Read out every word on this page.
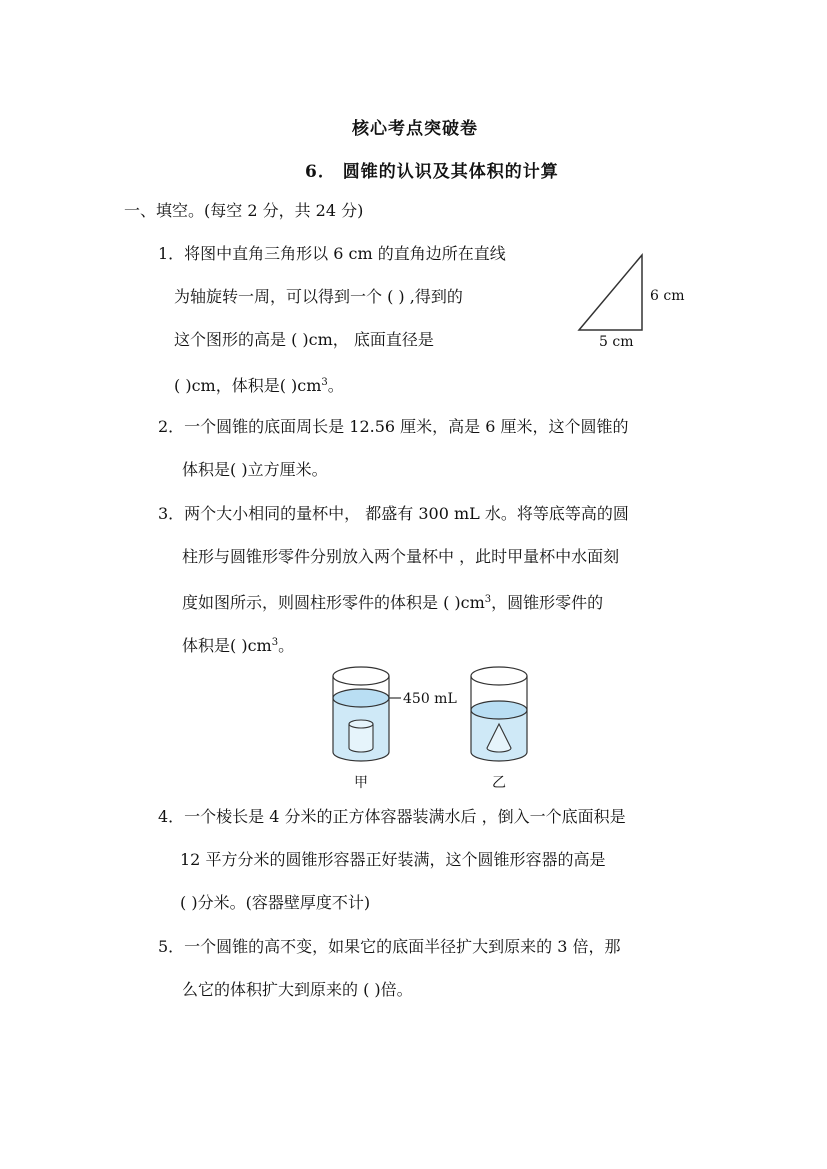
核心考点突破卷
6． 圆锥的认识及其体积的计算
一、填空。(每空 2 分，共 24 分)
1．将图中直角三角形以 6 cm 的直角边所在直线
为轴旋转一周，可以得到一个 ( ) ,得到的
这个图形的高是 ( )cm， 底面直径是
( )cm，体积是( )$cm^3$。
6 cm
5 cm
2．一个圆锥的底面周长是 12.56 厘米，高是 6 厘米，这个圆锥的
体积是( )立方厘米。
3．两个大小相同的量杯中， 都盛有 300 mL 水。将等底等高的圆
柱形与圆锥形零件分别放入两个量杯中 ，此时甲量杯中水面刻
度如图所示，则圆柱形零件的体积是 ( )$cm^3$，圆锥形零件的
体积是( )$cm^3$。
450 mL
甲	乙
4．一个棱长是 4 分米的正方体容器装满水后 ，倒入一个底面积是
12 平方分米的圆锥形容器正好装满，这个圆锥形容器的高是
( )分米。(容器壁厚度不计)
5．一个圆锥的高不变，如果它的底面半径扩大到原来的 3 倍，那
么它的体积扩大到原来的 ( )倍。
